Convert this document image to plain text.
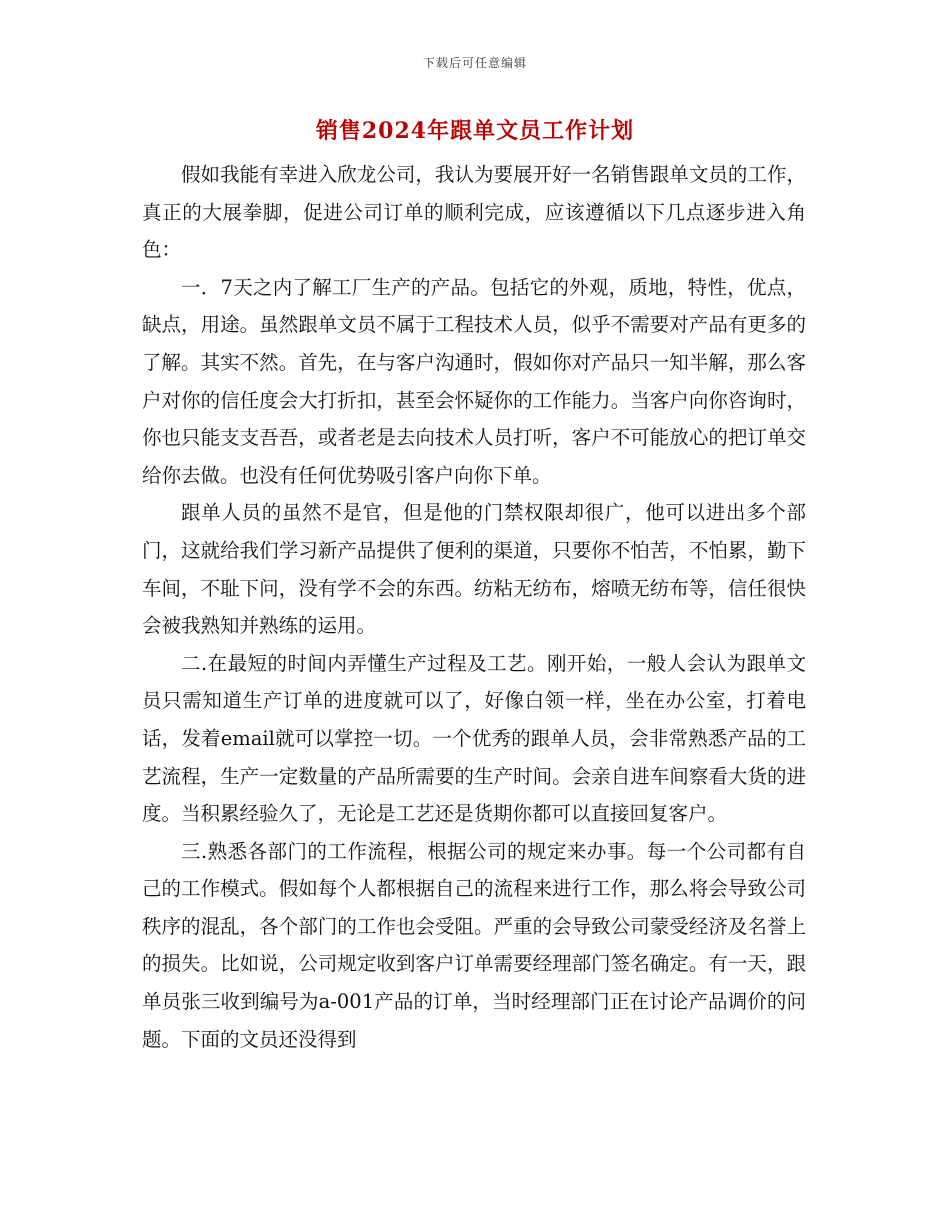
下载后可任意编辑
销售2024年跟单文员工作计划

假如我能有幸进入欣龙公司，我认为要展开好一名销售跟单文员的工作，真正的大展拳脚，促进公司订单的顺利完成，应该遵循以下几点逐步进入角色：

一．7天之内了解工厂生产的产品。包括它的外观，质地，特性，优点，缺点，用途。虽然跟单文员不属于工程技术人员，似乎不需要对产品有更多的了解。其实不然。首先，在与客户沟通时，假如你对产品只一知半解，那么客户对你的信任度会大打折扣，甚至会怀疑你的工作能力。当客户向你咨询时，你也只能支支吾吾，或者老是去向技术人员打听，客户不可能放心的把订单交给你去做。也没有任何优势吸引客户向你下单。

跟单人员的虽然不是官，但是他的门禁权限却很广，他可以进出多个部门，这就给我们学习新产品提供了便利的渠道，只要你不怕苦，不怕累，勤下车间，不耻下问，没有学不会的东西。纺粘无纺布，熔喷无纺布等，信任很快会被我熟知并熟练的运用。

二.在最短的时间内弄懂生产过程及工艺。刚开始，一般人会认为跟单文员只需知道生产订单的进度就可以了，好像白领一样，坐在办公室，打着电话，发着email就可以掌控一切。一个优秀的跟单人员，会非常熟悉产品的工艺流程，生产一定数量的产品所需要的生产时间。会亲自进车间察看大货的进度。当积累经验久了，无论是工艺还是货期你都可以直接回复客户。

三.熟悉各部门的工作流程，根据公司的规定来办事。每一个公司都有自己的工作模式。假如每个人都根据自己的流程来进行工作，那么将会导致公司秩序的混乱，各个部门的工作也会受阻。严重的会导致公司蒙受经济及名誉上的损失。比如说，公司规定收到客户订单需要经理部门签名确定。有一天，跟单员张三收到编号为a-001产品的订单，当时经理部门正在讨论产品调价的问题。下面的文员还没得到
